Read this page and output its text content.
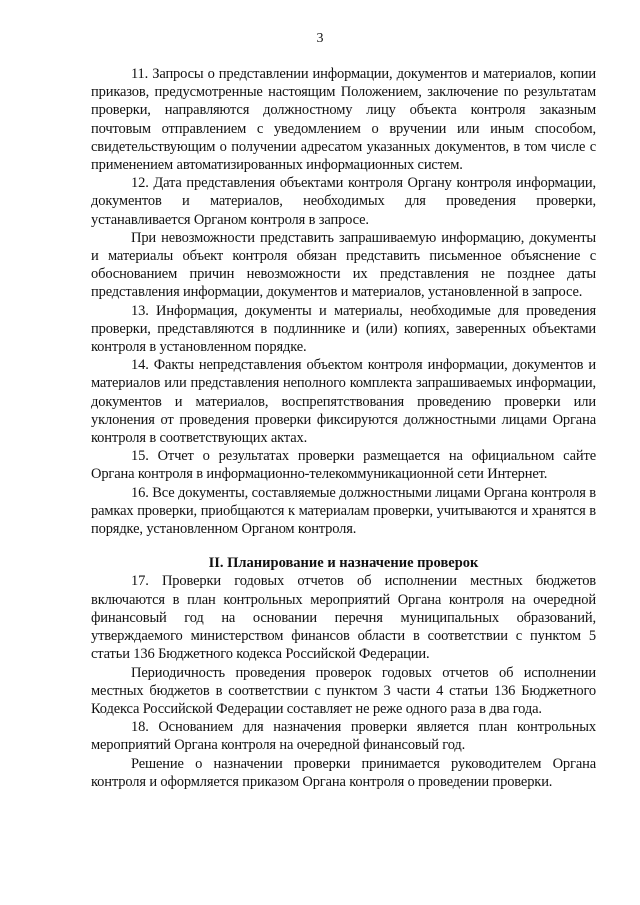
3

11. Запросы о представлении информации, документов и материалов, копии приказов, предусмотренные настоящим Положением, заключение по результатам проверки, направляются должностному лицу объекта контроля заказным почтовым отправлением с уведомлением о вручении или иным способом, свидетельствующим о получении адресатом указанных документов, в том числе с применением автоматизированных информационных систем.

12. Дата представления объектами контроля Органу контроля информации, документов и материалов, необходимых для проведения проверки, устанавливается Органом контроля в запросе.

При невозможности представить запрашиваемую информацию, документы и материалы объект контроля обязан представить письменное объяснение с обоснованием причин невозможности их представления не позднее даты представления информации, документов и материалов, установленной в запросе.

13. Информация, документы и материалы, необходимые для проведения проверки, представляются в подлиннике и (или) копиях, заверенных объектами контроля в установленном порядке.

14. Факты непредставления объектом контроля информации, документов и материалов или представления неполного комплекта запрашиваемых информации, документов и материалов, воспрепятствования проведению проверки или уклонения от проведения проверки фиксируются должностными лицами Органа контроля в соответствующих актах.

15. Отчет о результатах проверки размещается на официальном сайте Органа контроля в информационно-телекоммуникационной сети Интернет.

16. Все документы, составляемые должностными лицами Органа контроля в рамках проверки, приобщаются к материалам проверки, учитываются и хранятся в порядке, установленном Органом контроля.

II. Планирование и назначение проверок

17. Проверки годовых отчетов об исполнении местных бюджетов включаются в план контрольных мероприятий Органа контроля на очередной финансовый год на основании перечня муниципальных образований, утверждаемого министерством финансов области в соответствии с пунктом 5 статьи 136 Бюджетного кодекса Российской Федерации.

Периодичность проведения проверок годовых отчетов об исполнении местных бюджетов в соответствии с пунктом 3 части 4 статьи 136 Бюджетного Кодекса Российской Федерации составляет не реже одного раза в два года.

18. Основанием для назначения проверки является план контрольных мероприятий Органа контроля на очередной финансовый год.

Решение о назначении проверки принимается руководителем Органа контроля и оформляется приказом Органа контроля о проведении проверки.
